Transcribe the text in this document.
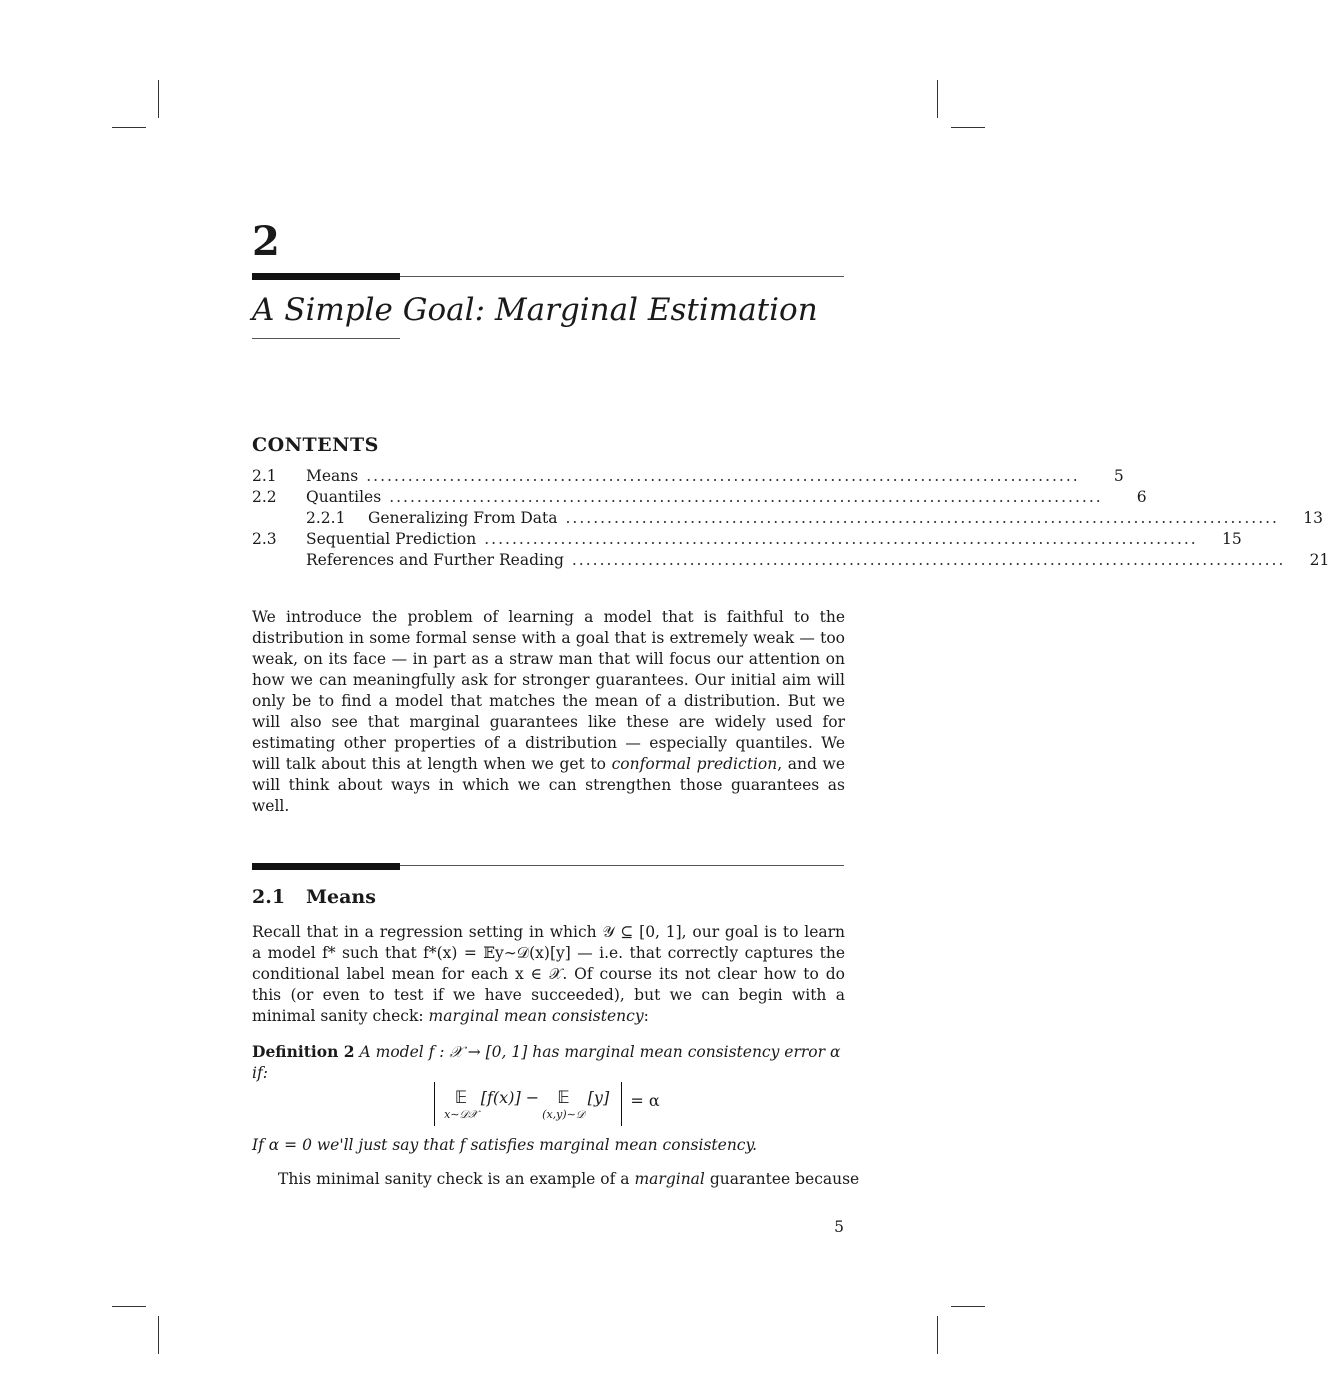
2
A Simple Goal: Marginal Estimation
CONTENTS
2.1	Means .......................................................................................................	5
2.2	Quantiles .......................................................................................................	6
2.2.1	Generalizing From Data .......................................................................................................	13
2.3	Sequential Prediction .......................................................................................................	15
References and Further Reading .......................................................................................................	21
We introduce the problem of learning a model that is faithful to the distribution in some formal sense with a goal that is extremely weak — too weak, on its face — in part as a straw man that will focus our attention on how we can meaningfully ask for stronger guarantees. Our initial aim will only be to find a model that matches the mean of a distribution. But we will also see that marginal guarantees like these are widely used for estimating other properties of a distribution — especially quantiles. We will talk about this at length when we get to conformal prediction, and we will think about ways in which we can strengthen those guarantees as well.
2.1 Means
Recall that in a regression setting in which 𝒴 ⊆ [0, 1], our goal is to learn a model f* such that f*(x) = 𝔼y∼𝒟(x)[y] — i.e. that correctly captures the conditional label mean for each x ∈ 𝒳. Of course its not clear how to do this (or even to test if we have succeeded), but we can begin with a minimal sanity check: marginal mean consistency:
Definition 2 A model f : 𝒳 → [0, 1] has marginal mean consistency error α if:

𝔼
x∼𝒟𝒳
[f(x)] −	𝔼
(x,y)∼𝒟
[y] = α
If α = 0 we'll just say that f satisfies marginal mean consistency.
This minimal sanity check is an example of a marginal guarantee because
5
